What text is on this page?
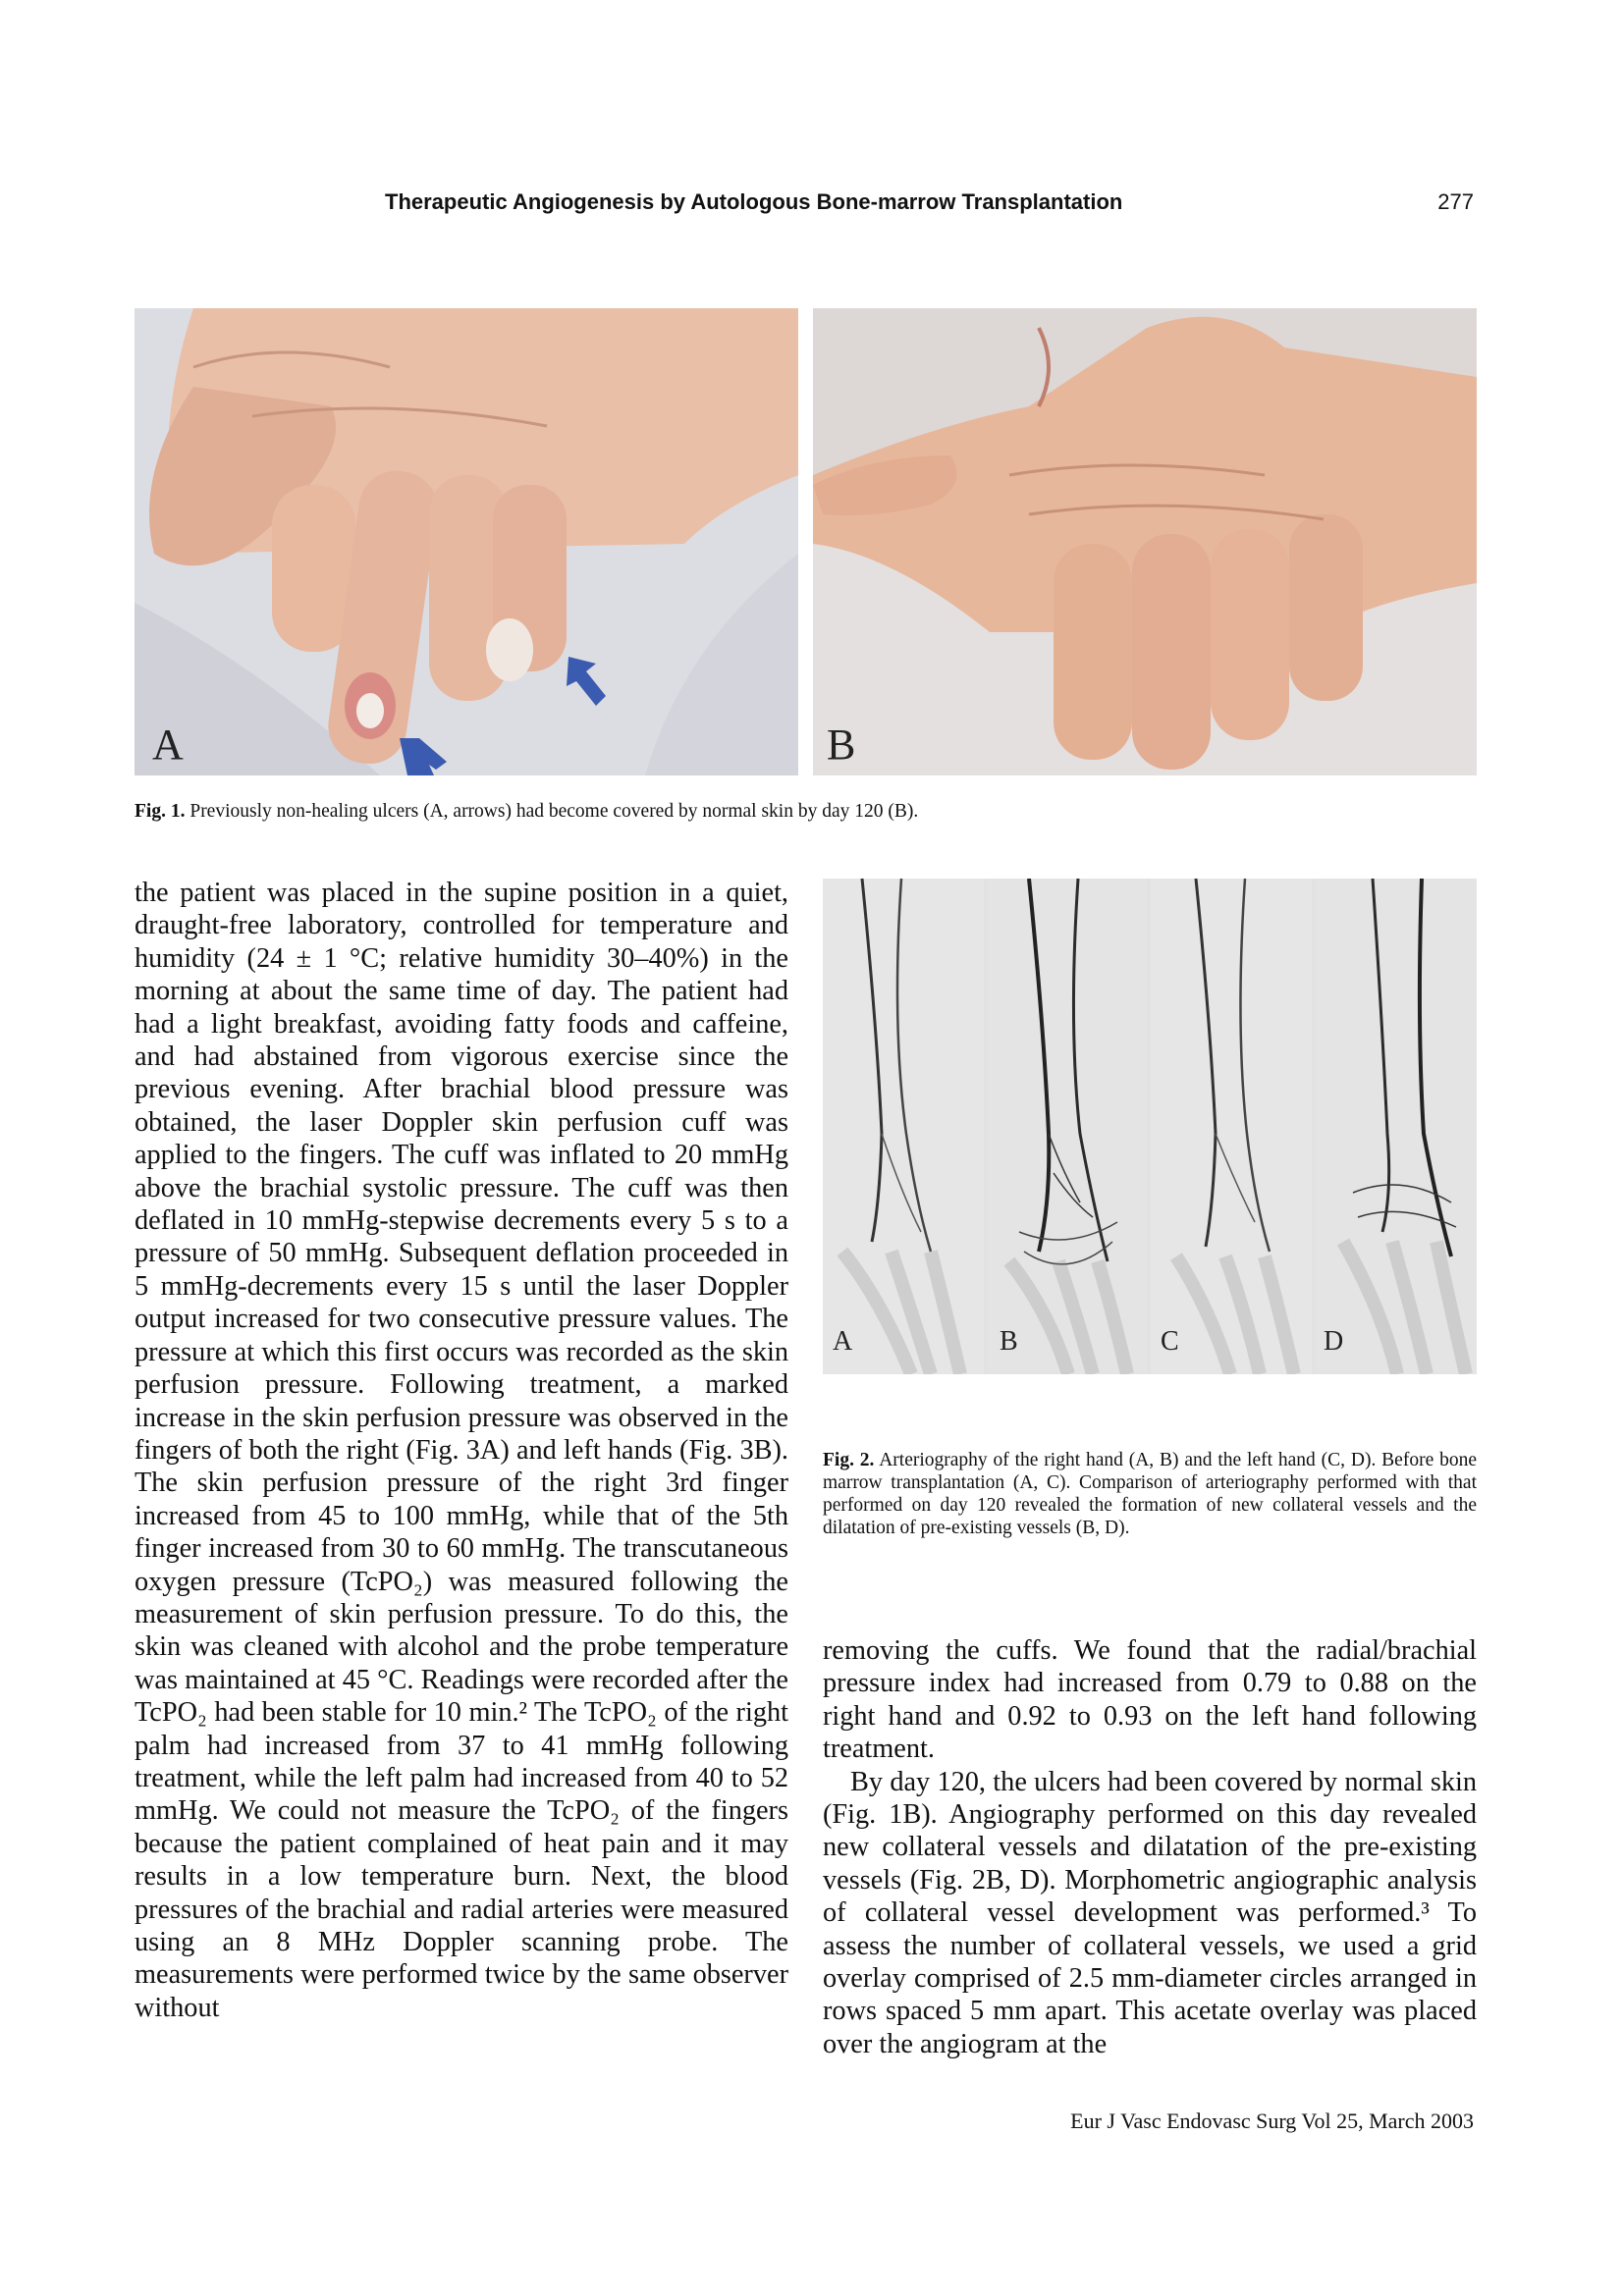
Therapeutic Angiogenesis by Autologous Bone-marrow Transplantation	277
A	B
Fig. 1. Previously non-healing ulcers (A, arrows) had become covered by normal skin by day 120 (B).

the patient was placed in the supine position in a quiet, draught-free laboratory, controlled for temperature and humidity (24 ± 1 °C; relative humidity 30–40%) in the morning at about the same time of day. The patient had had a light breakfast, avoiding fatty foods and caffeine, and had abstained from vigorous exercise since the previous evening. After brachial blood pressure was obtained, the laser Doppler skin perfusion cuff was applied to the fingers. The cuff was inflated to 20 mmHg above the brachial systolic pressure. The cuff was then deflated in 10 mmHg-stepwise decrements every 5 s to a pressure of 50 mmHg. Subsequent deflation proceeded in 5 mmHg-decrements every 15 s until the laser Doppler output increased for two consecutive pressure values. The pressure at which this first occurs was recorded as the skin perfusion pressure. Following treatment, a marked increase in the skin perfusion pressure was observed in the fingers of both the right (Fig. 3A) and left hands (Fig. 3B). The skin perfusion pressure of the right 3rd finger increased from 45 to 100 mmHg, while that of the 5th finger increased from 30 to 60 mmHg. The transcutaneous oxygen pressure (TcPO₂) was measured following the measurement of skin perfusion pressure. To do this, the skin was cleaned with alcohol and the probe temperature was maintained at 45 °C. Readings were recorded after the TcPO₂ had been stable for 10 min.² The TcPO₂ of the right palm had increased from 37 to 41 mmHg following treatment, while the left palm had increased from 40 to 52 mmHg. We could not measure the TcPO₂ of the fingers because the patient complained of heat pain and it may results in a low temperature burn. Next, the blood pressures of the brachial and radial arteries were measured using an 8 MHz Doppler scanning probe. The measurements were performed twice by the same observer without

A	B	C	D
Fig. 2. Arteriography of the right hand (A, B) and the left hand (C, D). Before bone marrow transplantation (A, C). Comparison of arteriography performed with that performed on day 120 revealed the formation of new collateral vessels and the dilatation of pre-existing vessels (B, D).

removing the cuffs. We found that the radial/brachial pressure index had increased from 0.79 to 0.88 on the right hand and 0.92 to 0.93 on the left hand following treatment.

By day 120, the ulcers had been covered by normal skin (Fig. 1B). Angiography performed on this day revealed new collateral vessels and dilatation of the pre-existing vessels (Fig. 2B, D). Morphometric angiographic analysis of collateral vessel development was performed.³ To assess the number of collateral vessels, we used a grid overlay comprised of 2.5 mm-diameter circles arranged in rows spaced 5 mm apart. This acetate overlay was placed over the angiogram at the

Eur J Vasc Endovasc Surg Vol 25, March 2003
